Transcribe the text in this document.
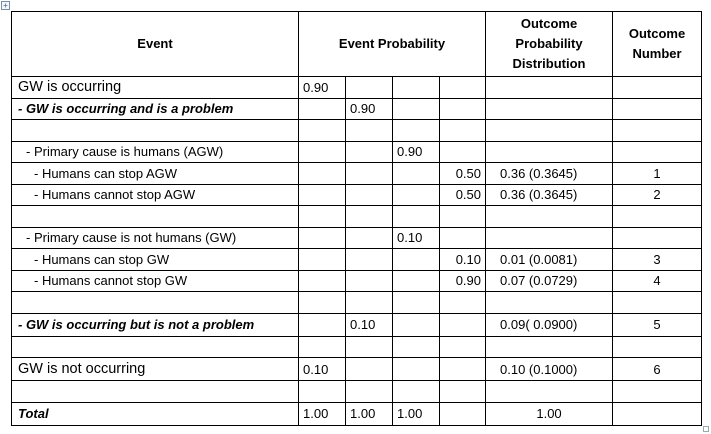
+
Event	Event Probability				Outcome Probability Distribution	Outcome Number
GW is occurring	0.90					
- GW is occurring and is a problem		0.90				

- Primary cause is humans (AGW)			0.90			
- Humans can stop AGW				0.50	0.36 (0.3645)	1
- Humans cannot stop AGW				0.50	0.36 (0.3645)	2

- Primary cause is not humans (GW)			0.10			
- Humans can stop GW				0.10	0.01 (0.0081)	3
- Humans cannot stop GW				0.90	0.07 (0.0729)	4

- GW is occurring but is not a problem		0.10			0.09( 0.0900)	5

GW is not occurring	0.10				0.10 (0.1000)	6

Total	1.00	1.00	1.00		1.00	
